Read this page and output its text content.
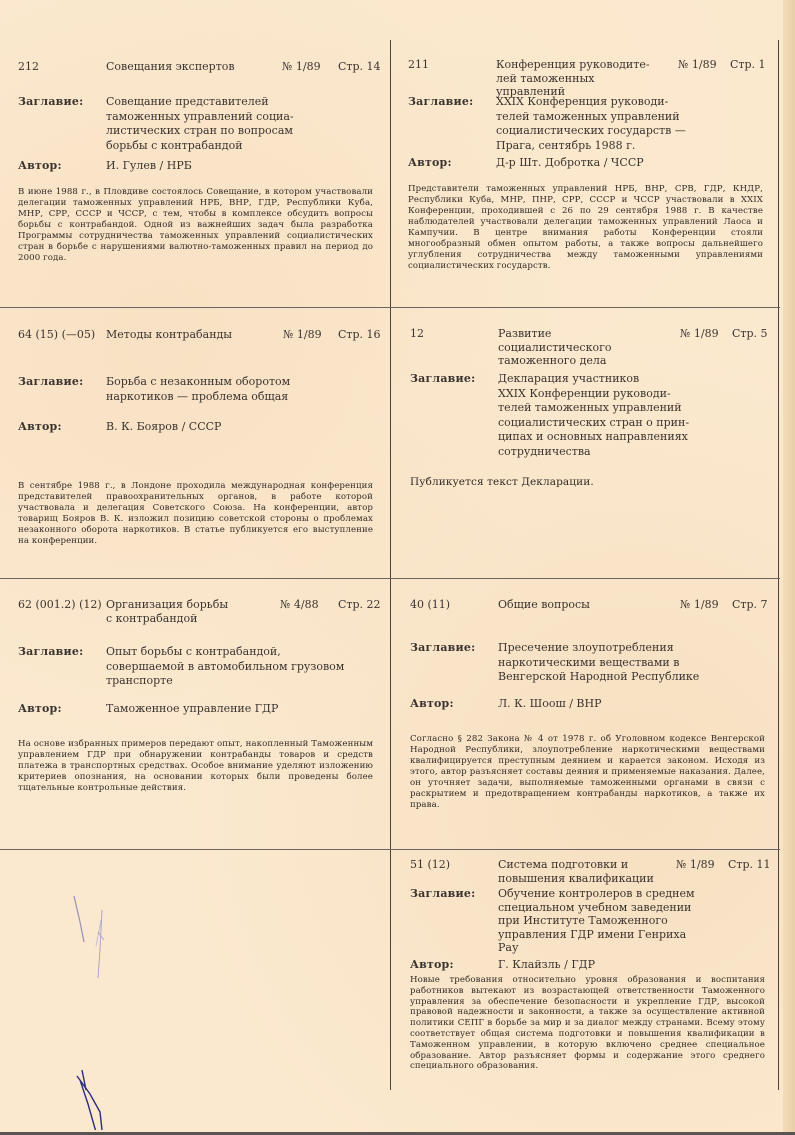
212	Совещания экспертов	№ 1/89 Стр. 14
Заглавие: Совещание представителей
таможенных управлений социа-
листических стран по вопросам
борьбы с контрабандой
Автор:	И. Гулев / НРБ
В июне 1988 г., в Пловдиве состоялось Совещание, в котором участвовали делегации таможенных управлений НРБ, ВНР, ГДР, Республики Куба, МНР, СРР, СССР и ЧССР, с тем, чтобы в комплексе обсудить вопросы борьбы с контрабандой. Одной из важнейших задач была разработка Программы сотрудничества таможенных управлений социалистических стран в борьбе с нарушениями валютно-таможенных правил на период до 2000 года.
211	Конференция руководите-
лей таможенных управлений
№ 1/89 Стр. 1
Заглавие: XXIX Конференция руководи-
телей таможенных управлений
социалистических государств —
Прага, сентябрь 1988 г.
Автор:	Д-р Шт. Добротка / ЧССР
Представители таможенных управлений НРБ, ВНР, СРВ, ГДР, КНДР, Республики Куба, МНР, ПНР, СРР, СССР и ЧССР участвовали в XXIX Конференции, проходившей с 26 по 29 сентября 1988 г. В качестве наблюдателей участвовали делегации таможенных управлений Лаоса и Кампучии. В центре внимания работы Конференции стояли многообразный обмен опытом работы, а также вопросы дальнейшего углубления сотрудничества между таможенными управлениями социалистических государств.
64 (15) (—05) Методы контрабанды	№ 1/89 Стр. 16
Заглавие: Борьба с незаконным оборотом
наркотиков — проблема общая
Автор:	В. К. Бояров / СССР
В сентябре 1988 г., в Лондоне проходила международная конференция представителей правоохранительных органов, в работе которой участвовала и делегация Советского Союза. На конференции, автор товарищ Бояров В. К. изложил позицию советской стороны о проблемах незаконного оборота наркотиков. В статье публикуется его выступление на конференции.
12	Развитие социалистического
таможенного дела
№ 1/89 Стр. 5
Заглавие: Декларация участников
XXIX Конференции руководи-
телей таможенных управлений
социалистических стран о прин-
ципах и основных направлениях
сотрудничества
Публикуется текст Декларации.
62 (001.2) (12) Организация борьбы
с контрабандой
№ 4/88 Стр. 22
Заглавие: Опыт борьбы с контрабандой,
совершаемой в автомобильном грузовом
транспорте
Автор:	Таможенное управление ГДР
На основе избранных примеров передают опыт, накопленный Таможенным управлением ГДР при обнаружении контрабанды товаров и средств платежа в транспортных средствах. Особое внимание уделяют изложению критериев опознания, на основании которых были проведены более тщательные контрольные действия.
40 (11)	Общие вопросы	№ 1/89 Стр. 7
Заглавие: Пресечение злоупотребления
наркотическими веществами в
Венгерской Народной Республике
Автор:	Л. К. Шоош / ВНР
Согласно § 282 Закона № 4 от 1978 г. об Уголовном кодексе Венгерской Народной Республики, злоупотребление наркотическими веществами квалифицируется преступным деянием и карается законом. Исходя из этого, автор разъясняет составы деяния и применяемые наказания. Далее, он уточняет задачи, выполняемые таможенными органами в связи с раскрытием и предотвращением контрабанды наркотиков, а также их права.
51 (12)	Система подготовки и
повышения квалификации
№ 1/89 Стр. 11
Заглавие: Обучение контролеров в среднем
специальном учебном заведении
при Институте Таможенного
управления ГДР имени Генриха
Рау
Автор:	Г. Клайзль / ГДР
Новые требования относительно уровня образования и воспитания работников вытекают из возрастающей ответственности Таможенного управления за обеспечение безопасности и укрепление ГДР, высокой правовой надежности и законности, а также за осуществление активной политики СЕПГ в борьбе за мир и за диалог между странами. Всему этому соответствует общая система подготовки и повышения квалификации в Таможенном управлении, в которую включено среднее специальное образование. Автор разъясняет формы и содержание этого среднего специального образования.
